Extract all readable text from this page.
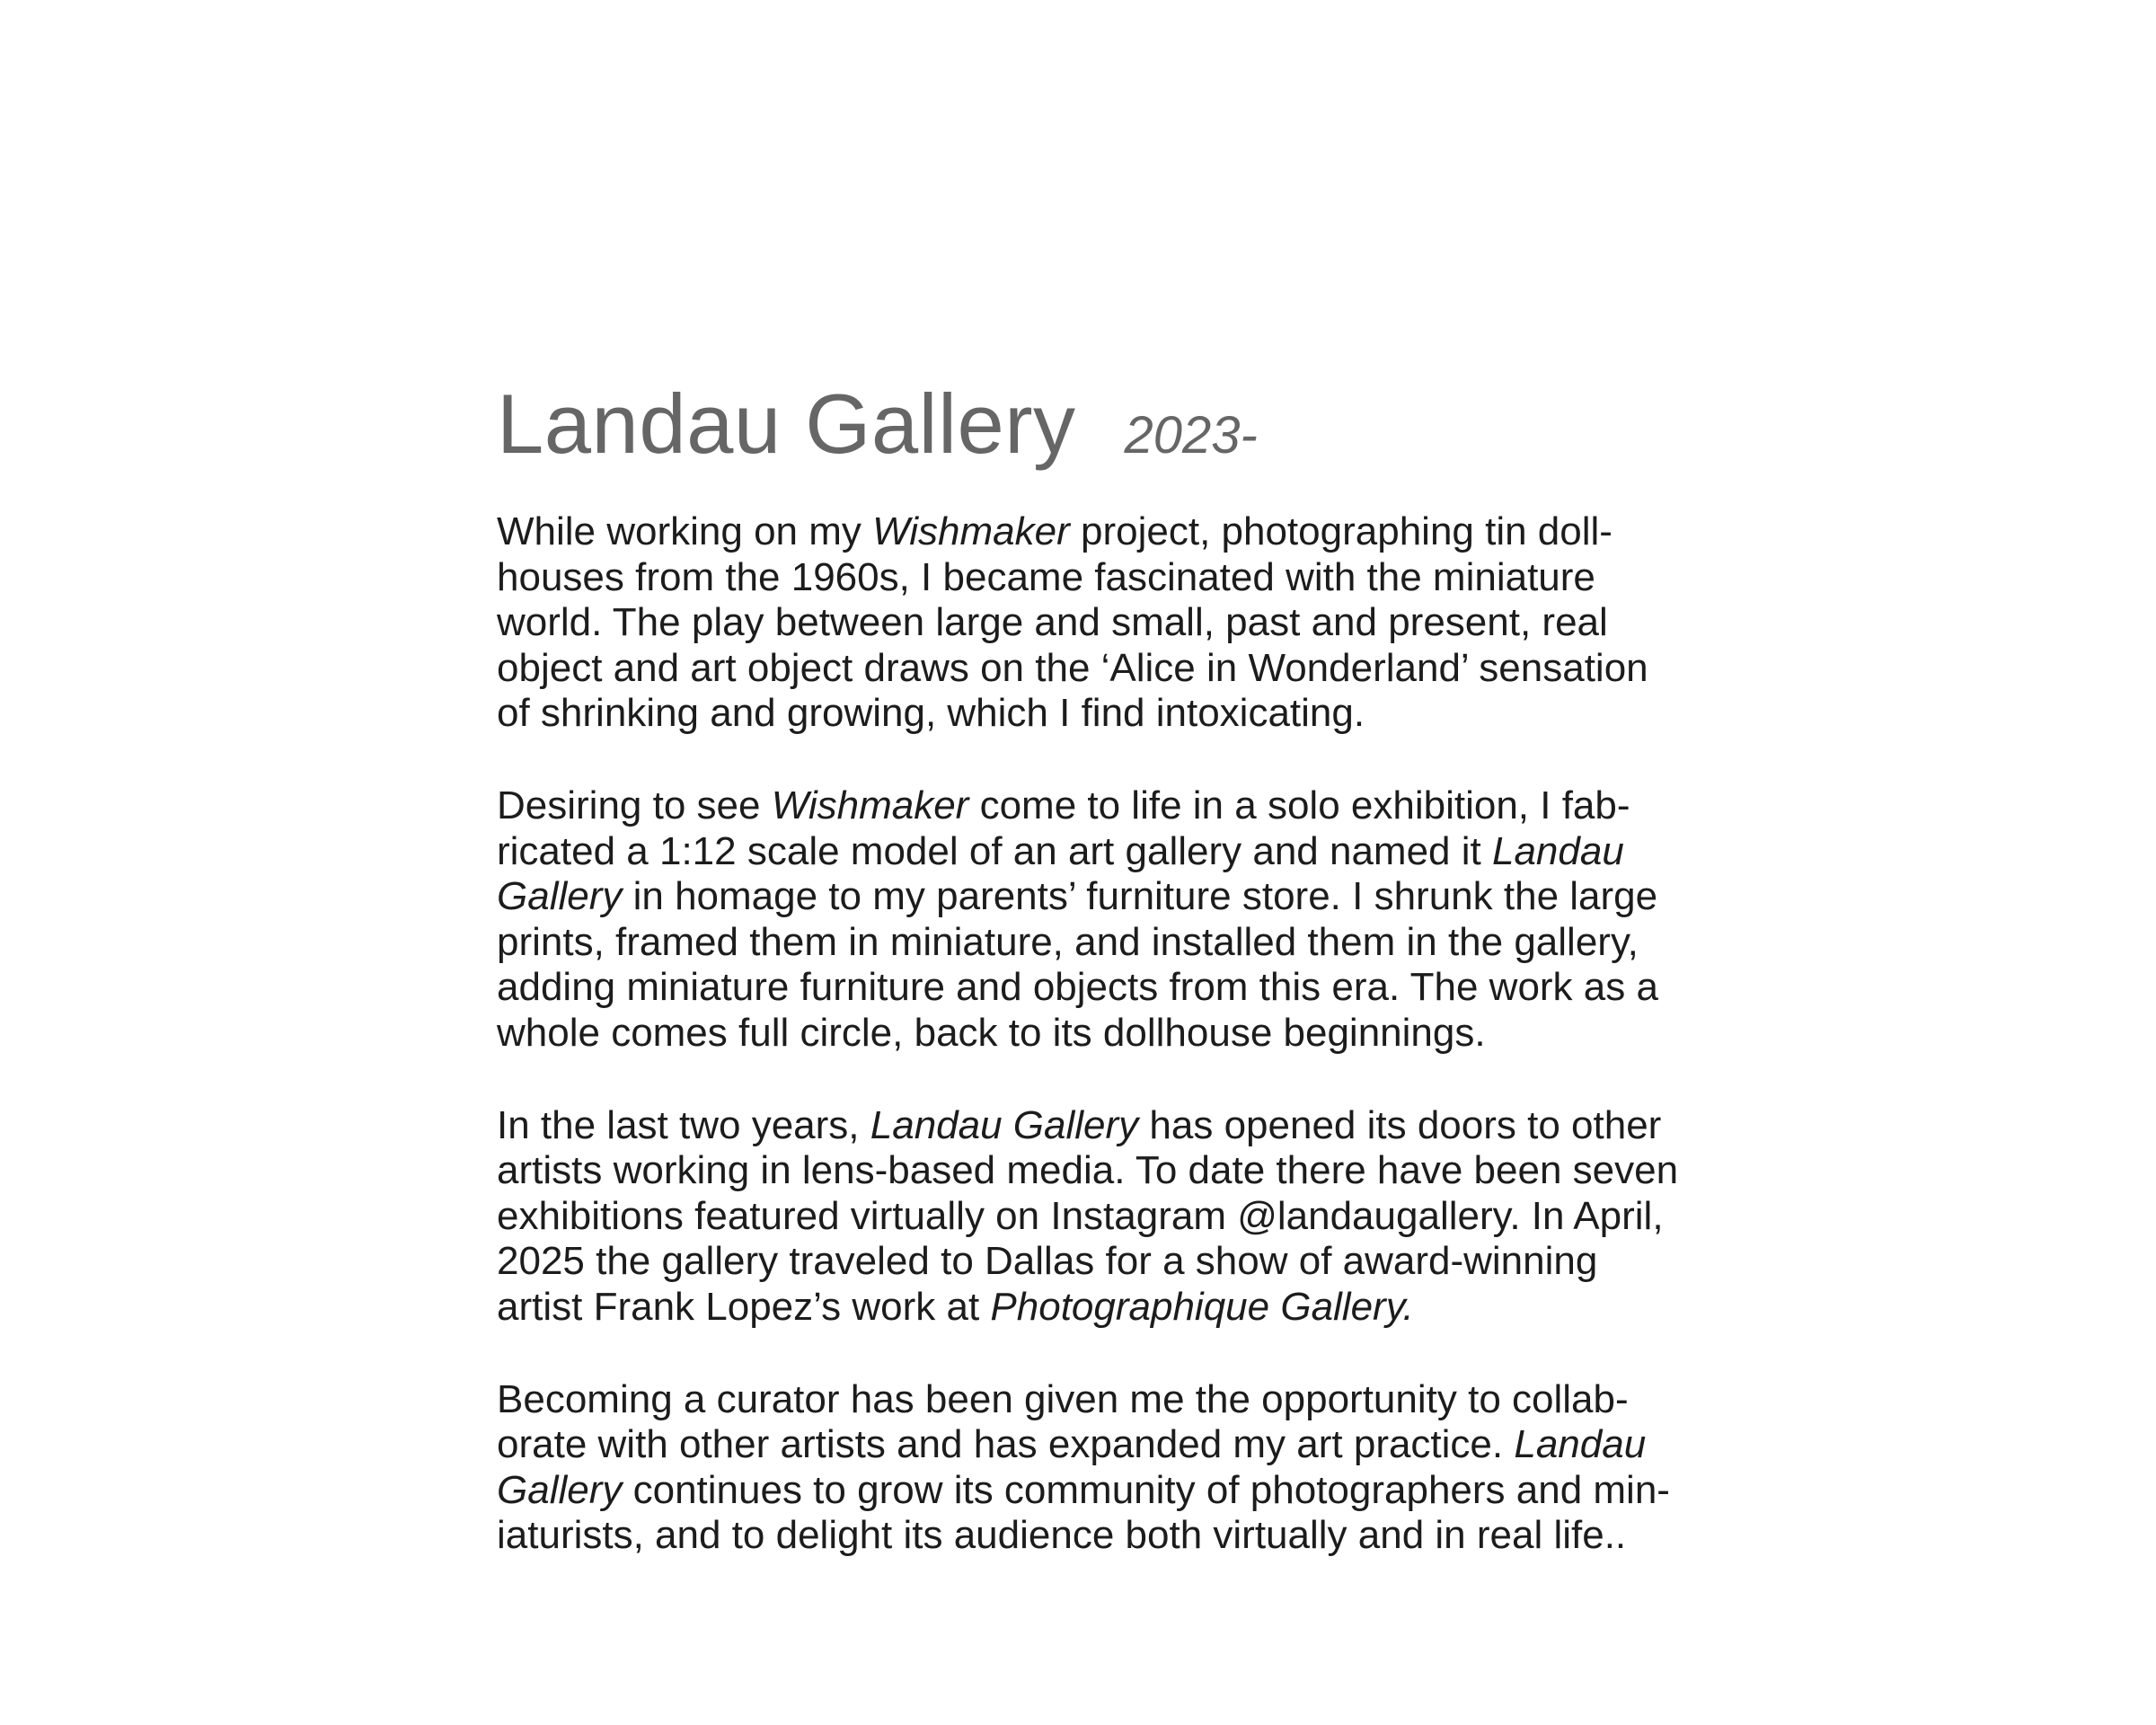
Landau Gallery 2023-

While working on my Wishmaker project, photographing tin doll-
houses from the 1960s, I became fascinated with the miniature
world. The play between large and small, past and present, real
object and art object draws on the ‘Alice in Wonderland’ sensation
of shrinking and growing, which I find intoxicating.

Desiring to see Wishmaker come to life in a solo exhibition, I fab-
ricated a 1:12 scale model of an art gallery and named it Landau
Gallery in homage to my parents’ furniture store. I shrunk the large
prints, framed them in miniature, and installed them in the gallery,
adding miniature furniture and objects from this era. The work as a
whole comes full circle, back to its dollhouse beginnings.

In the last two years, Landau Gallery has opened its doors to other
artists working in lens-based media. To date there have been seven
exhibitions featured virtually on Instagram @landaugallery. In April,
2025 the gallery traveled to Dallas for a show of award-winning
artist Frank Lopez’s work at Photographique Gallery.

Becoming a curator has been given me the opportunity to collab-
orate with other artists and has expanded my art practice. Landau
Gallery continues to grow its community of photographers and min-
iaturists, and to delight its audience both virtually and in real life..
